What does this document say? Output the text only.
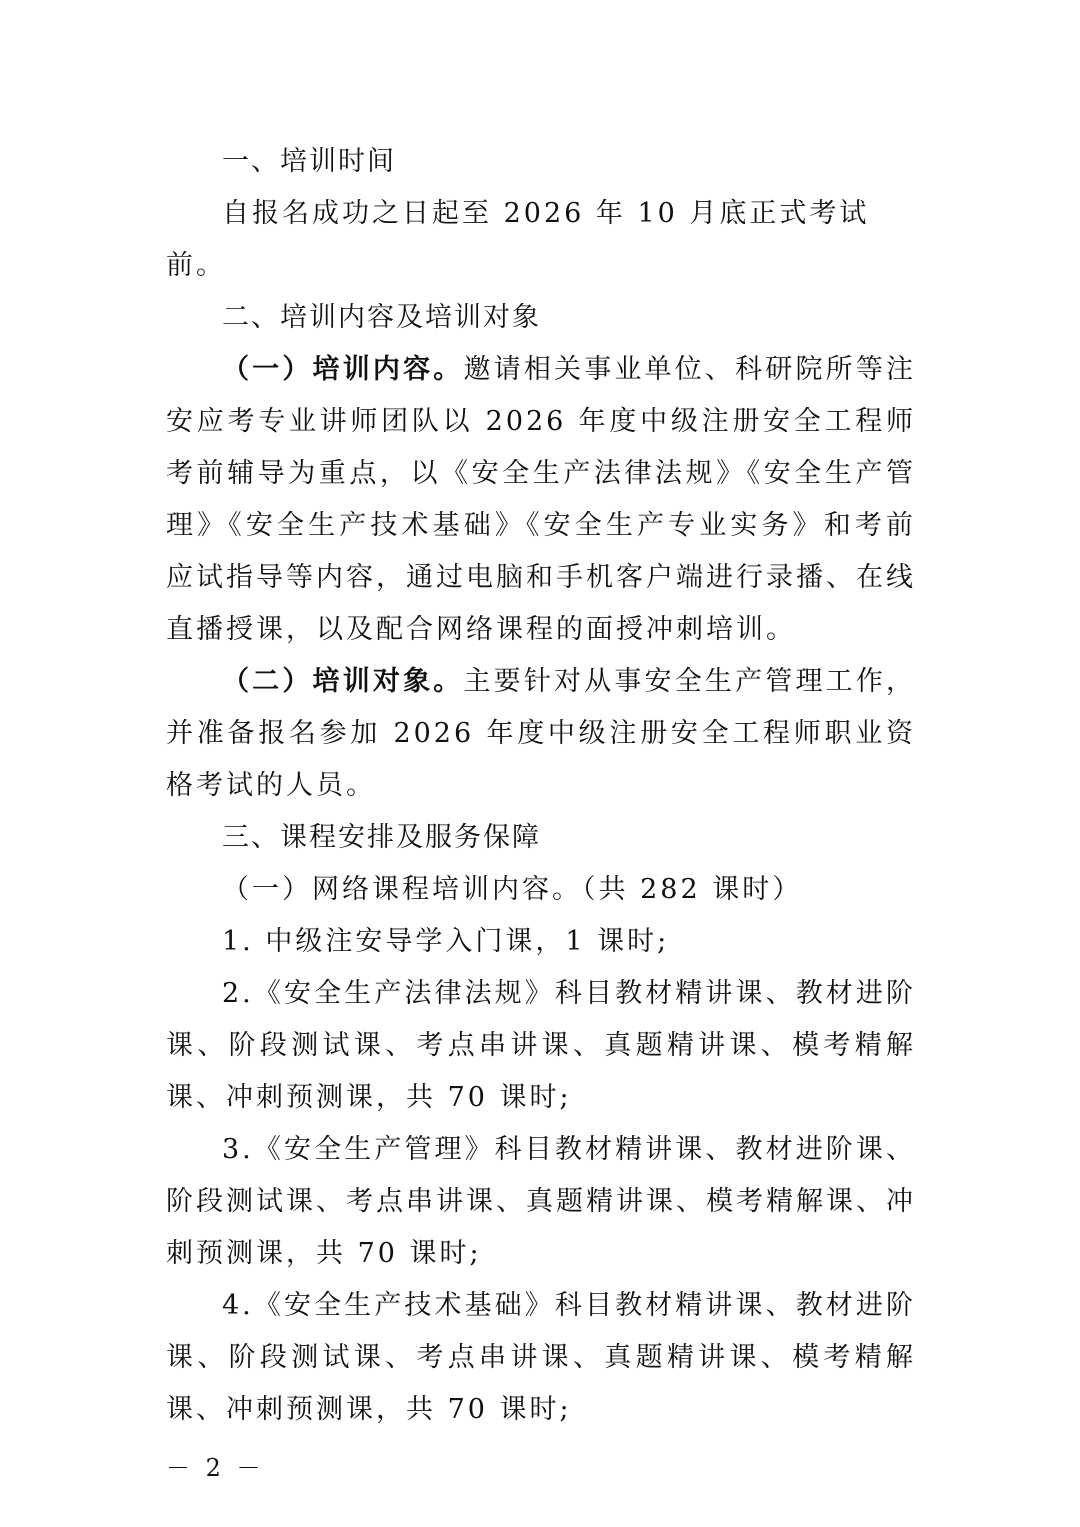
一、培训时间

自报名成功之日起至 2026 年 10 月底正式考试前。

二、培训内容及培训对象

（一）培训内容。邀请相关事业单位、科研院所等注安应考专业讲师团队以 2026 年度中级注册安全工程师考前辅导为重点，以《安全生产法律法规》《安全生产管理》《安全生产技术基础》《安全生产专业实务》和考前应试指导等内容，通过电脑和手机客户端进行录播、在线直播授课，以及配合网络课程的面授冲刺培训。

（二）培训对象。主要针对从事安全生产管理工作，并准备报名参加 2026 年度中级注册安全工程师职业资格考试的人员。

三、课程安排及服务保障

（一）网络课程培训内容。（共 282 课时）

1. 中级注安导学入门课，1 课时;

2.《安全生产法律法规》科目教材精讲课、教材进阶课、阶段测试课、考点串讲课、真题精讲课、模考精解课、冲刺预测课，共 70 课时;

3.《安全生产管理》科目教材精讲课、教材进阶课、阶段测试课、考点串讲课、真题精讲课、模考精解课、冲刺预测课，共 70 课时;

4.《安全生产技术基础》科目教材精讲课、教材进阶课、阶段测试课、考点串讲课、真题精讲课、模考精解课、冲刺预测课，共 70 课时;

－ 2 －
